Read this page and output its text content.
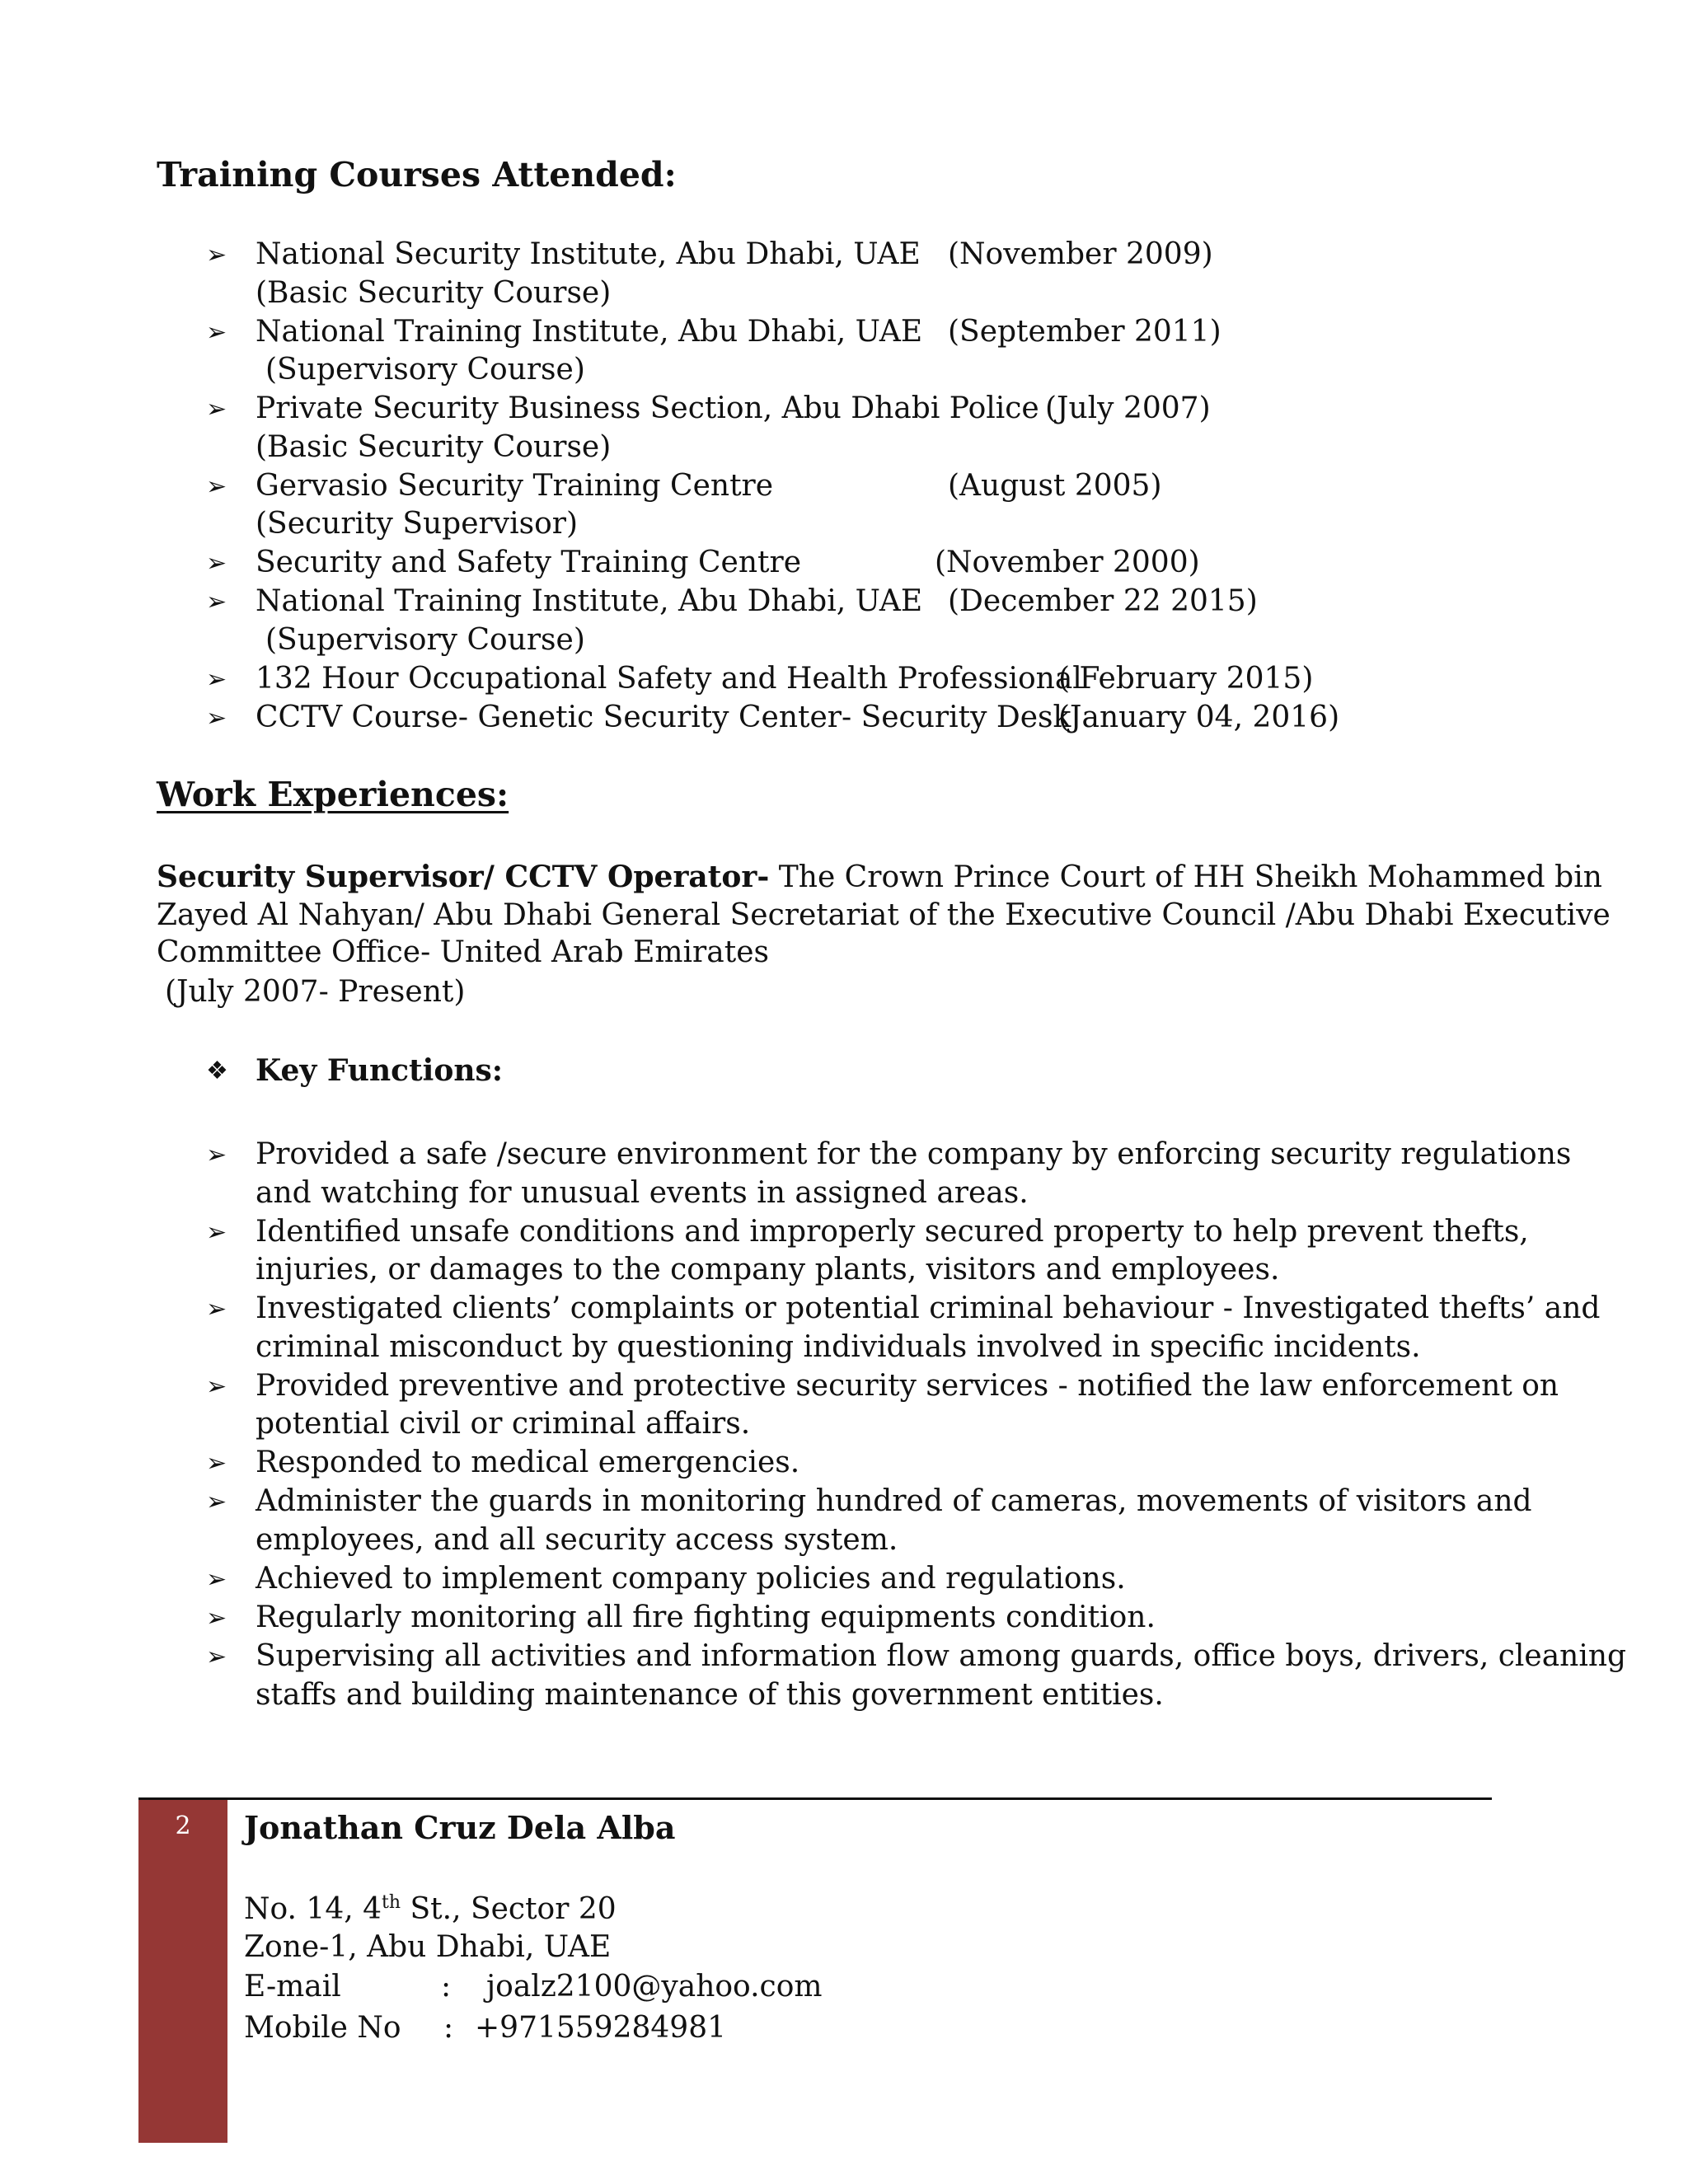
Training Courses Attended:
➢ National Security Institute, Abu Dhabi, UAE (November 2009)
(Basic Security Course)
➢ National Training Institute, Abu Dhabi, UAE (September 2011)
(Supervisory Course)
➢ Private Security Business Section, Abu Dhabi Police (July 2007)
(Basic Security Course)
➢ Gervasio Security Training Centre	(August 2005)
(Security Supervisor)
➢ Security and Safety Training Centre	(November 2000)
➢ National Training Institute, Abu Dhabi, UAE (December 22 2015)
(Supervisory Course)
➢ 132 Hour Occupational Safety and Health Professional
( February 2015)
➢ CCTV Course- Genetic Security Center- Security Desk
(January 04, 2016)
Work Experiences:
Security Supervisor/ CCTV Operator- The Crown Prince Court of HH Sheikh Mohammed bin
Zayed Al Nahyan/ Abu Dhabi General Secretariat of the Executive Council /Abu Dhabi Executive
Committee Office- United Arab Emirates
(July 2007- Present)
❖ Key Functions:
➢ Provided a safe /secure environment for the company by enforcing security regulations
and watching for unusual events in assigned areas.
➢ Identified unsafe conditions and improperly secured property to help prevent thefts,
injuries, or damages to the company plants, visitors and employees.
➢ Investigated clients’ complaints or potential criminal behaviour - Investigated thefts’ and
criminal misconduct by questioning individuals involved in specific incidents.
➢ Provided preventive and protective security services - notified the law enforcement on
potential civil or criminal affairs.
➢ Responded to medical emergencies.
➢ Administer the guards in monitoring hundred of cameras, movements of visitors and
employees, and all security access system.
➢ Achieved to implement company policies and regulations.
➢ Regularly monitoring all fire fighting equipments condition.
➢ Supervising all activities and information flow among guards, office boys, drivers, cleaning
staffs and building maintenance of this government entities.
2	Jonathan Cruz Dela Alba
No. 14, 4th St., Sector 20
Zone-1, Abu Dhabi, UAE
E-mail	: joalz2100@yahoo.com
Mobile No : +971559284981
